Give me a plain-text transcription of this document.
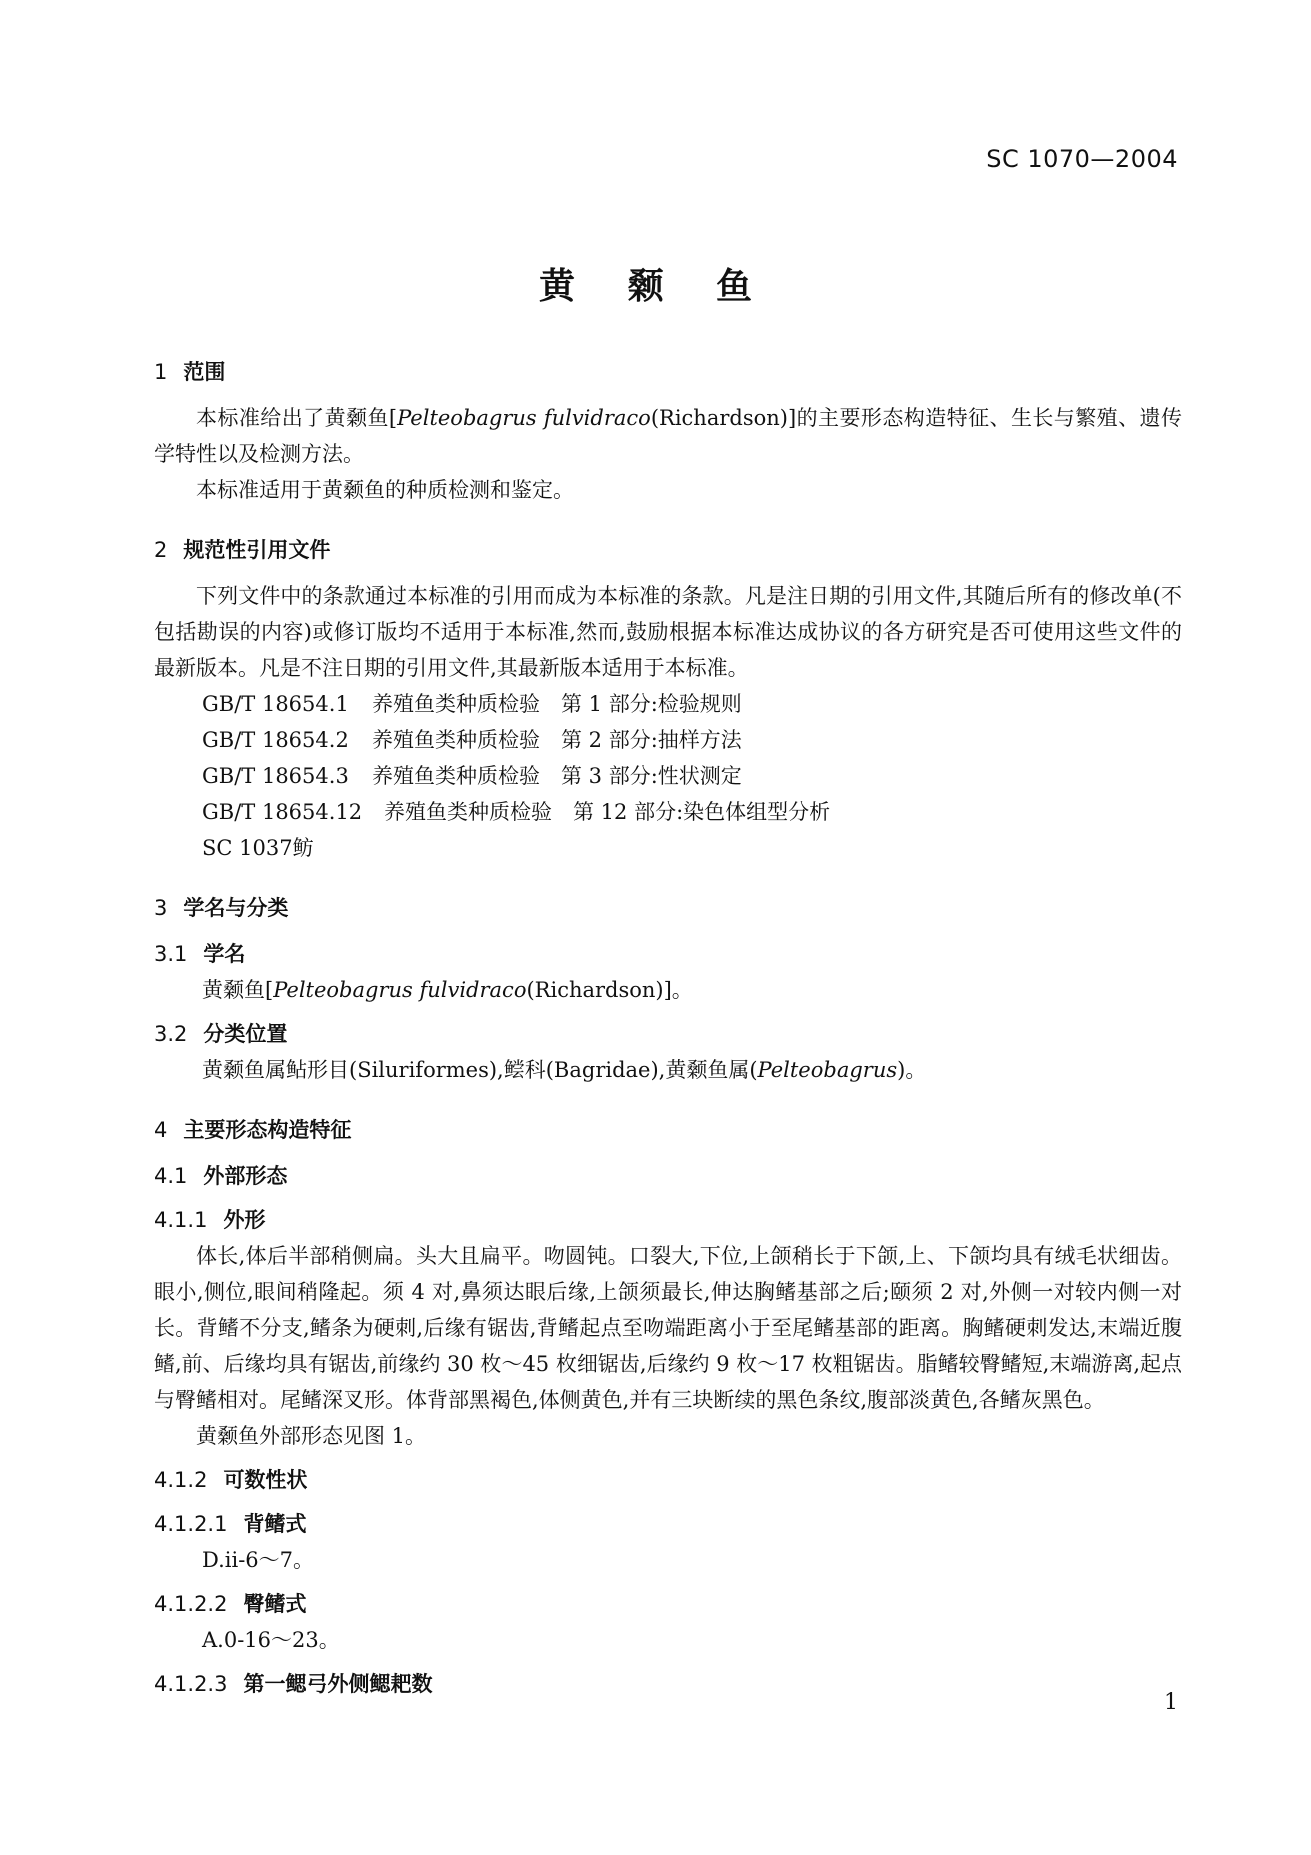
SC 1070—2004
黄 颡 鱼
1 范围

本标准给出了黄颡鱼[Pelteobagrus fulvidraco(Richardson)]的主要形态构造特征、生长与繁殖、遗传学特性以及检测方法。

本标准适用于黄颡鱼的种质检测和鉴定。

2 规范性引用文件

下列文件中的条款通过本标准的引用而成为本标准的条款。凡是注日期的引用文件,其随后所有的修改单(不包括勘误的内容)或修订版均不适用于本标准,然而,鼓励根据本标准达成协议的各方研究是否可使用这些文件的最新版本。凡是不注日期的引用文件,其最新版本适用于本标准。

GB/T 18654.1 养殖鱼类种质检验　第 1 部分:检验规则
GB/T 18654.2 养殖鱼类种质检验　第 2 部分:抽样方法
GB/T 18654.3 养殖鱼类种质检验　第 3 部分:性状测定
GB/T 18654.12 养殖鱼类种质检验　第 12 部分:染色体组型分析
SC 1037鲂
3 学名与分类
3.1 学名
黄颡鱼[Pelteobagrus fulvidraco(Richardson)]。
3.2 分类位置
黄颡鱼属鲇形目(Siluriformes),鲿科(Bagridae),黄颡鱼属(Pelteobagrus)。
4 主要形态构造特征
4.1 外部形态
4.1.1 外形

体长,体后半部稍侧扁。头大且扁平。吻圆钝。口裂大,下位,上颌稍长于下颌,上、下颌均具有绒毛状细齿。眼小,侧位,眼间稍隆起。须 4 对,鼻须达眼后缘,上颌须最长,伸达胸鳍基部之后;颐须 2 对,外侧一对较内侧一对长。背鳍不分支,鳍条为硬刺,后缘有锯齿,背鳍起点至吻端距离小于至尾鳍基部的距离。胸鳍硬刺发达,末端近腹鳍,前、后缘均具有锯齿,前缘约 30 枚～45 枚细锯齿,后缘约 9 枚～17 枚粗锯齿。脂鳍较臀鳍短,末端游离,起点与臀鳍相对。尾鳍深叉形。体背部黑褐色,体侧黄色,并有三块断续的黑色条纹,腹部淡黄色,各鳍灰黑色。

黄颡鱼外部形态见图 1。

4.1.2 可数性状
4.1.2.1 背鳍式
D.ii-6～7。
4.1.2.2 臀鳍式
A.0-16～23。
4.1.2.3 第一鳃弓外侧鳃耙数
1
